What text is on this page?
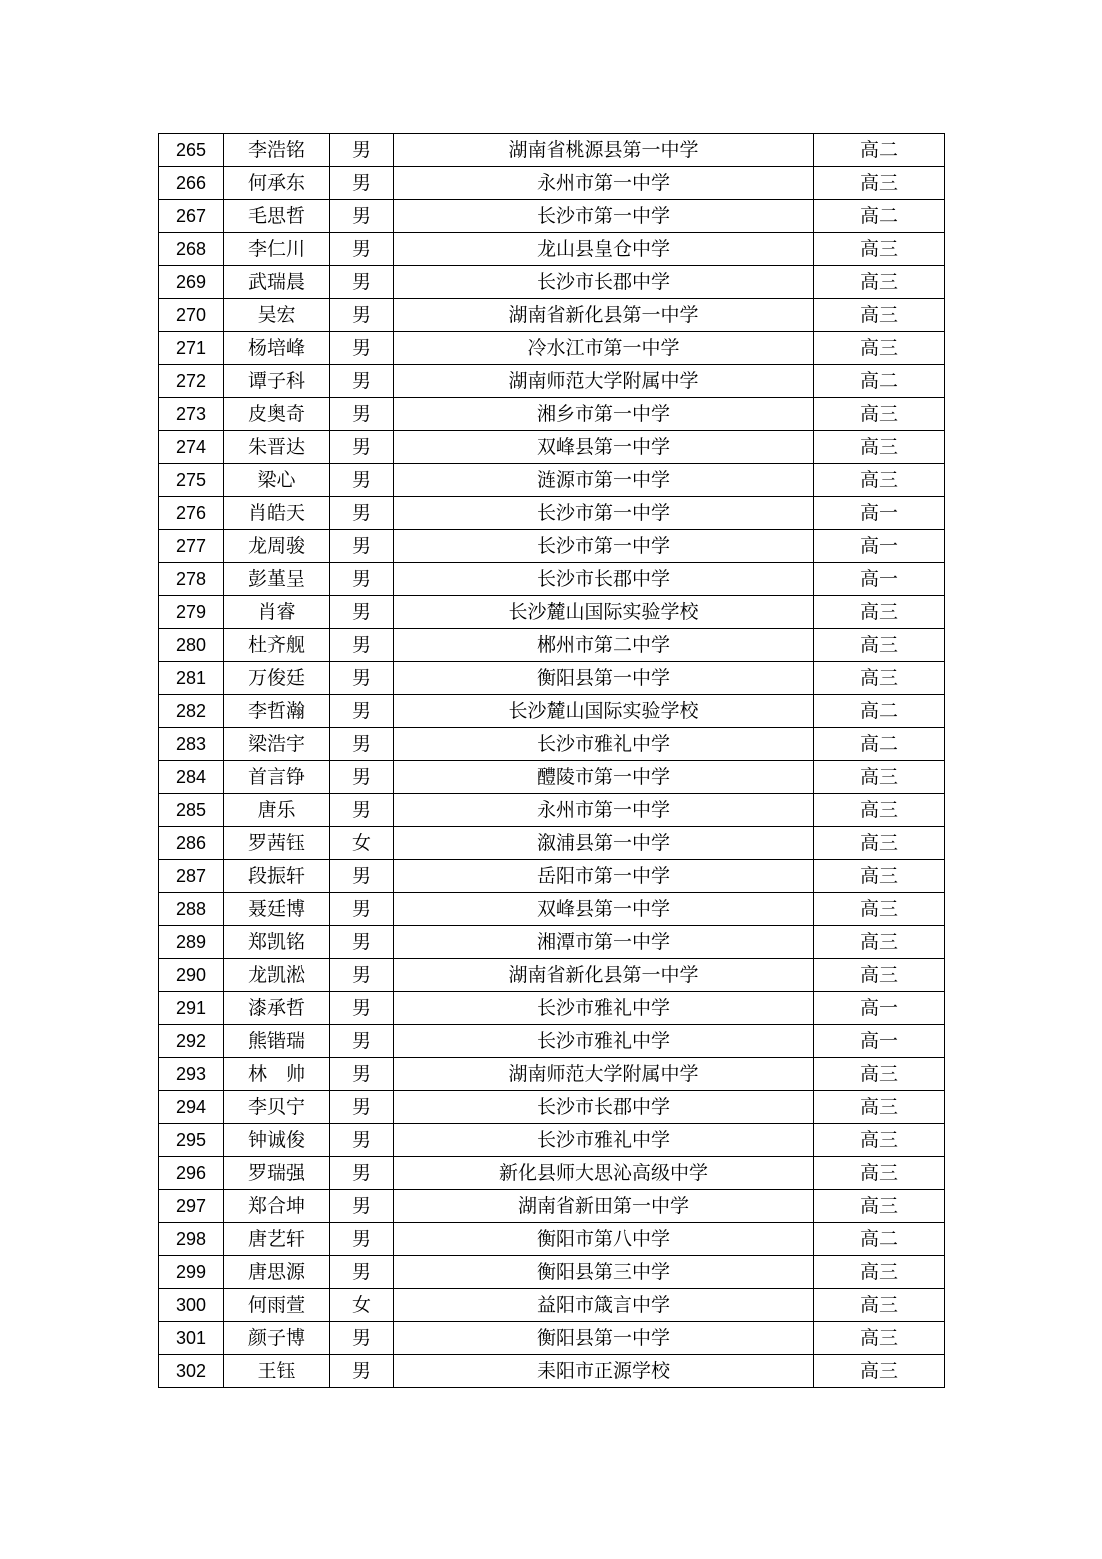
265	李浩铭	男	湖南省桃源县第一中学	高二
266	何承东	男	永州市第一中学	高三
267	毛思哲	男	长沙市第一中学	高二
268	李仁川	男	龙山县皇仓中学	高三
269	武瑞晨	男	长沙市长郡中学	高三
270	吴宏	男	湖南省新化县第一中学	高三
271	杨培峰	男	冷水江市第一中学	高三
272	谭子科	男	湖南师范大学附属中学	高二
273	皮奥奇	男	湘乡市第一中学	高三
274	朱晋达	男	双峰县第一中学	高三
275	梁心	男	涟源市第一中学	高三
276	肖皓天	男	长沙市第一中学	高一
277	龙周骏	男	长沙市第一中学	高一
278	彭堇呈	男	长沙市长郡中学	高一
279	肖睿	男	长沙麓山国际实验学校	高三
280	杜齐舰	男	郴州市第二中学	高三
281	万俊廷	男	衡阳县第一中学	高三
282	李哲瀚	男	长沙麓山国际实验学校	高二
283	梁浩宇	男	长沙市雅礼中学	高二
284	首言铮	男	醴陵市第一中学	高三
285	唐乐	男	永州市第一中学	高三
286	罗茜钰	女	溆浦县第一中学	高三
287	段振轩	男	岳阳市第一中学	高三
288	聂廷博	男	双峰县第一中学	高三
289	郑凯铭	男	湘潭市第一中学	高三
290	龙凯淞	男	湖南省新化县第一中学	高三
291	漆承哲	男	长沙市雅礼中学	高一
292	熊锴瑞	男	长沙市雅礼中学	高一
293	林　帅	男	湖南师范大学附属中学	高三
294	李贝宁	男	长沙市长郡中学	高三
295	钟诚俊	男	长沙市雅礼中学	高三
296	罗瑞强	男	新化县师大思沁高级中学	高三
297	郑合坤	男	湖南省新田第一中学	高三
298	唐艺轩	男	衡阳市第八中学	高二
299	唐思源	男	衡阳县第三中学	高三
300	何雨萱	女	益阳市箴言中学	高三
301	颜子博	男	衡阳县第一中学	高三
302	王钰	男	耒阳市正源学校	高三
